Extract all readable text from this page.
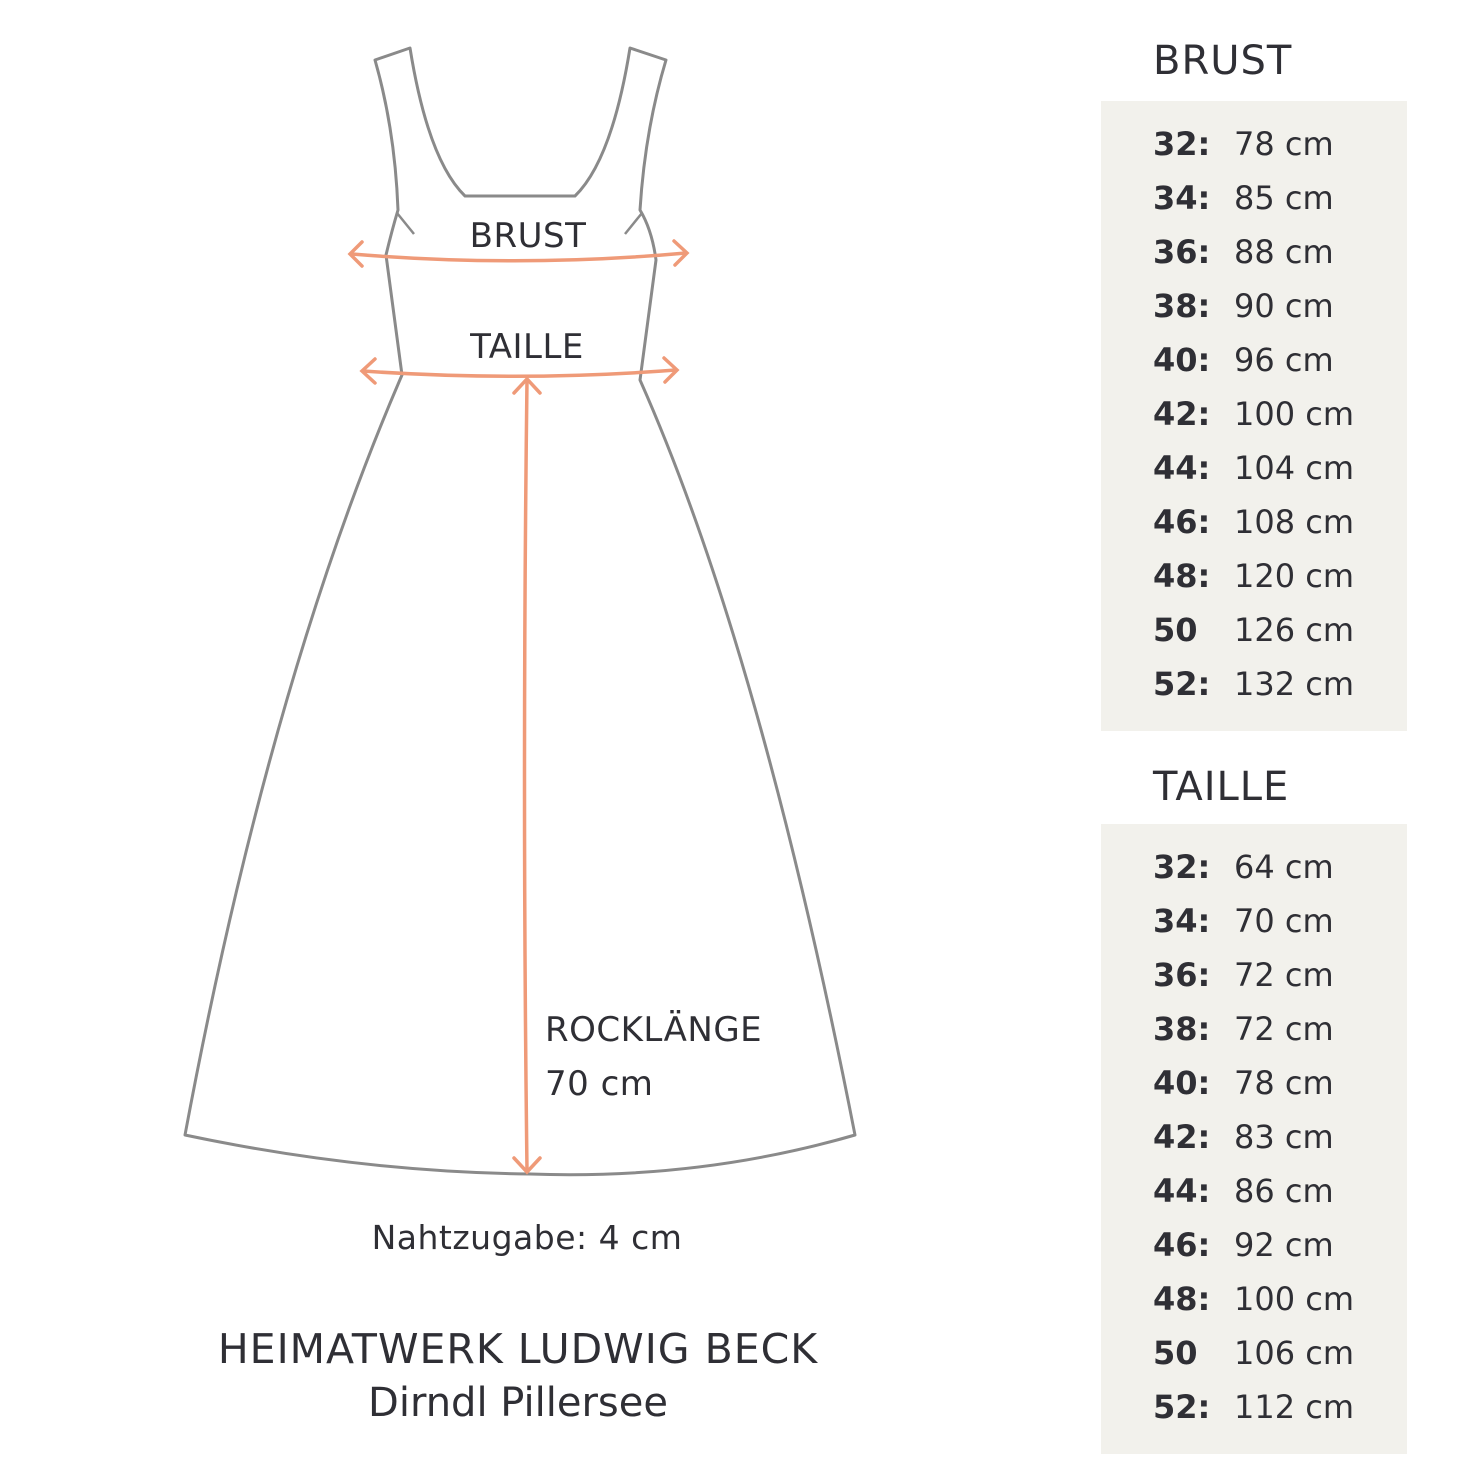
BRUST
TAILLE
ROCKLÄNGE
70 cm
Nahtzugabe: 4 cm
HEIMATWERK LUDWIG BECK
Dirndl Pillersee
BRUST
32: 78 cm
34: 85 cm
36: 88 cm
38: 90 cm
40: 96 cm
42: 100 cm
44: 104 cm
46: 108 cm
48: 120 cm
50 126 cm
52: 132 cm
TAILLE
32: 64 cm
34: 70 cm
36: 72 cm
38: 72 cm
40: 78 cm
42: 83 cm
44: 86 cm
46: 92 cm
48: 100 cm
50 106 cm
52: 112 cm
